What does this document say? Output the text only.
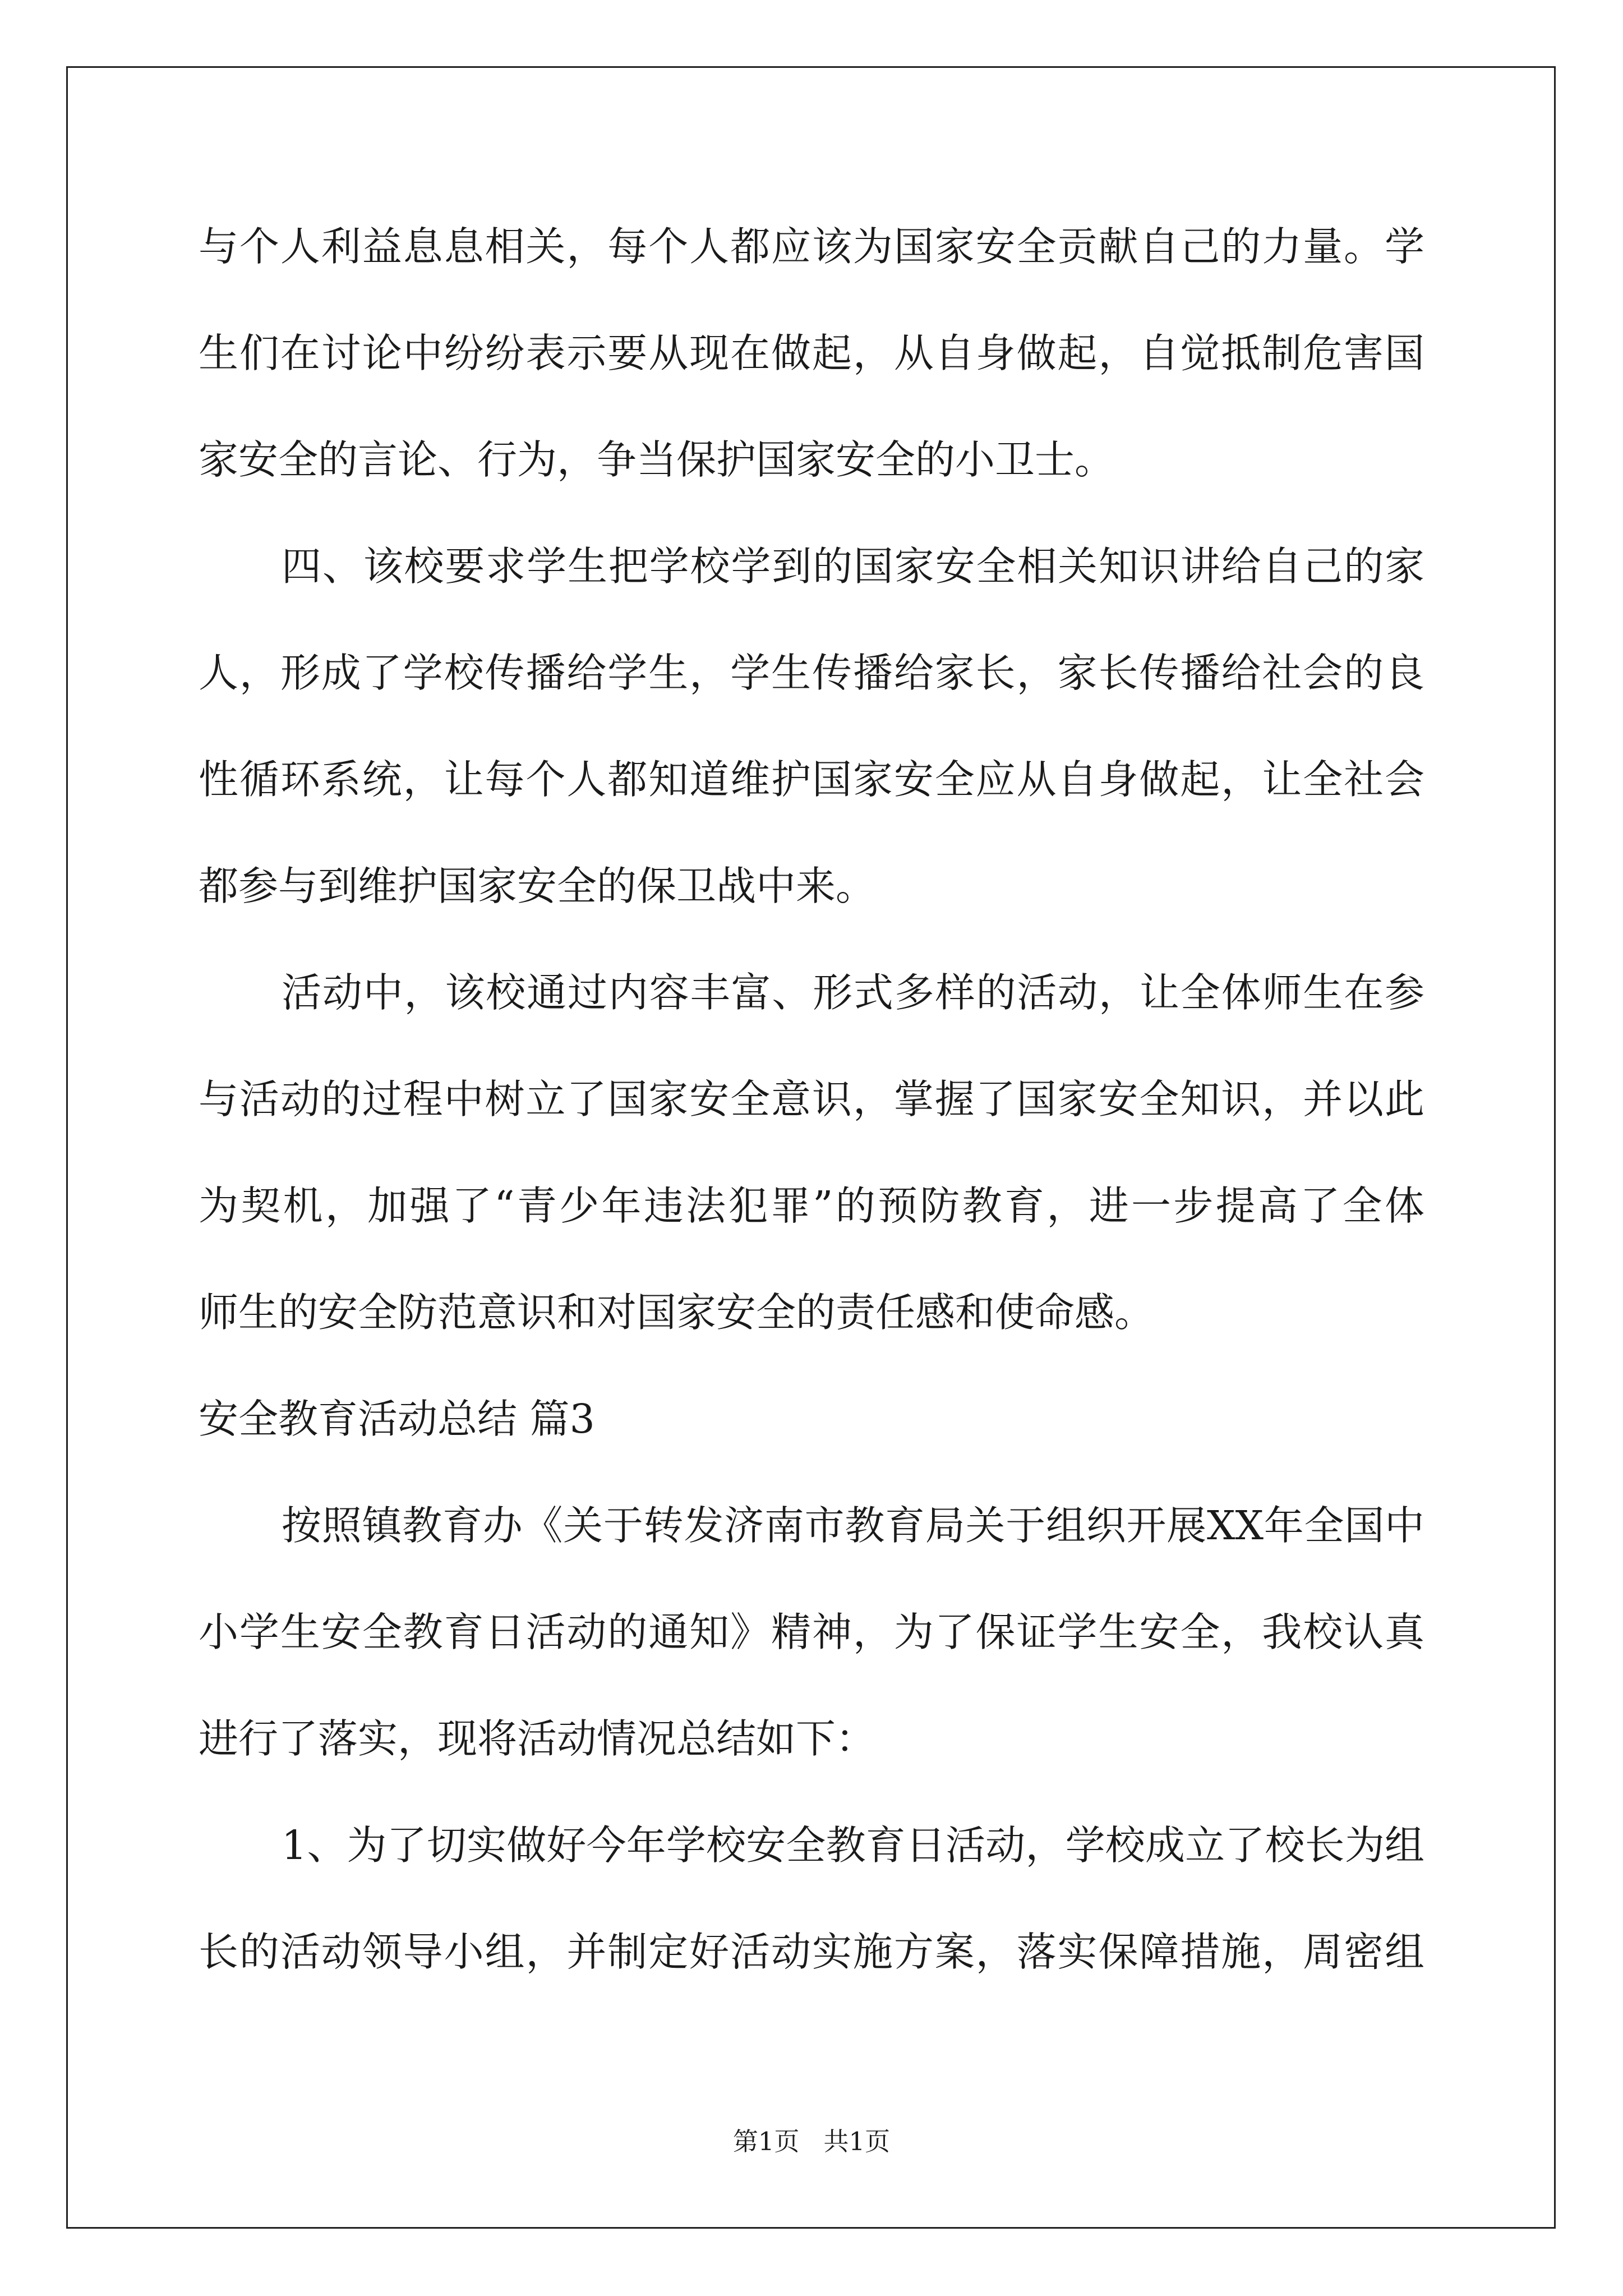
与个人利益息息相关，每个人都应该为国家安全贡献自己的力量。学
生们在讨论中纷纷表示要从现在做起，从自身做起，自觉抵制危害国
家安全的言论、行为，争当保护国家安全的小卫士。
四、该校要求学生把学校学到的国家安全相关知识讲给自己的家
人，形成了学校传播给学生，学生传播给家长，家长传播给社会的良
性循环系统，让每个人都知道维护国家安全应从自身做起，让全社会
都参与到维护国家安全的保卫战中来。
活动中，该校通过内容丰富、形式多样的活动，让全体师生在参
与活动的过程中树立了国家安全意识，掌握了国家安全知识，并以此
为契机，加强了“青少年违法犯罪”的预防教育，进一步提高了全体
师生的安全防范意识和对国家安全的责任感和使命感。
安全教育活动总结 篇3
按照镇教育办《关于转发济南市教育局关于组织开展XX年全国中
小学生安全教育日活动的通知》精神，为了保证学生安全，我校认真
进行了落实，现将活动情况总结如下：
1、为了切实做好今年学校安全教育日活动，学校成立了校长为组
长的活动领导小组，并制定好活动实施方案，落实保障措施，周密组
第1页   共1页
